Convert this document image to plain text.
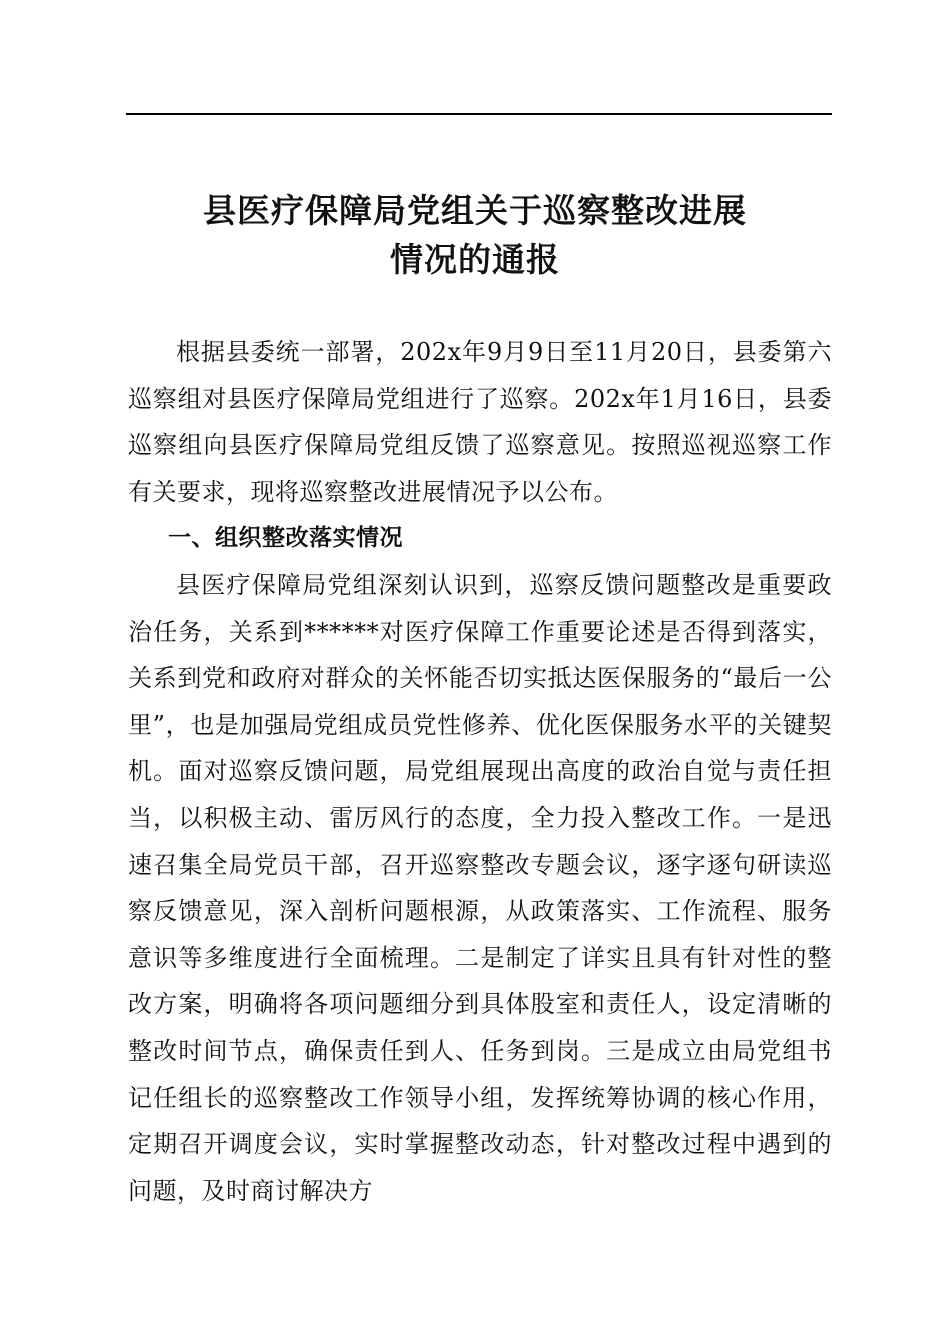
县医疗保障局党组关于巡察整改进展
情况的通报

根据县委统一部署，202x年9月9日至11月20日，县委第六巡察组对县医疗保障局党组进行了巡察。202x年1月16日，县委巡察组向县医疗保障局党组反馈了巡察意见。按照巡视巡察工作有关要求，现将巡察整改进展情况予以公布。

一、组织整改落实情况

县医疗保障局党组深刻认识到，巡察反馈问题整改是重要政治任务，关系到******对医疗保障工作重要论述是否得到落实，关系到党和政府对群众的关怀能否切实抵达医保服务的“最后一公里”，也是加强局党组成员党性修养、优化医保服务水平的关键契机。面对巡察反馈问题，局党组展现出高度的政治自觉与责任担当，以积极主动、雷厉风行的态度，全力投入整改工作。一是迅速召集全局党员干部，召开巡察整改专题会议，逐字逐句研读巡察反馈意见，深入剖析问题根源，从政策落实、工作流程、服务意识等多维度进行全面梳理。二是制定了详实且具有针对性的整改方案，明确将各项问题细分到具体股室和责任人，设定清晰的整改时间节点，确保责任到人、任务到岗。三是成立由局党组书记任组长的巡察整改工作领导小组，发挥统筹协调的核心作用，定期召开调度会议，实时掌握整改动态，针对整改过程中遇到的问题，及时商讨解决方
